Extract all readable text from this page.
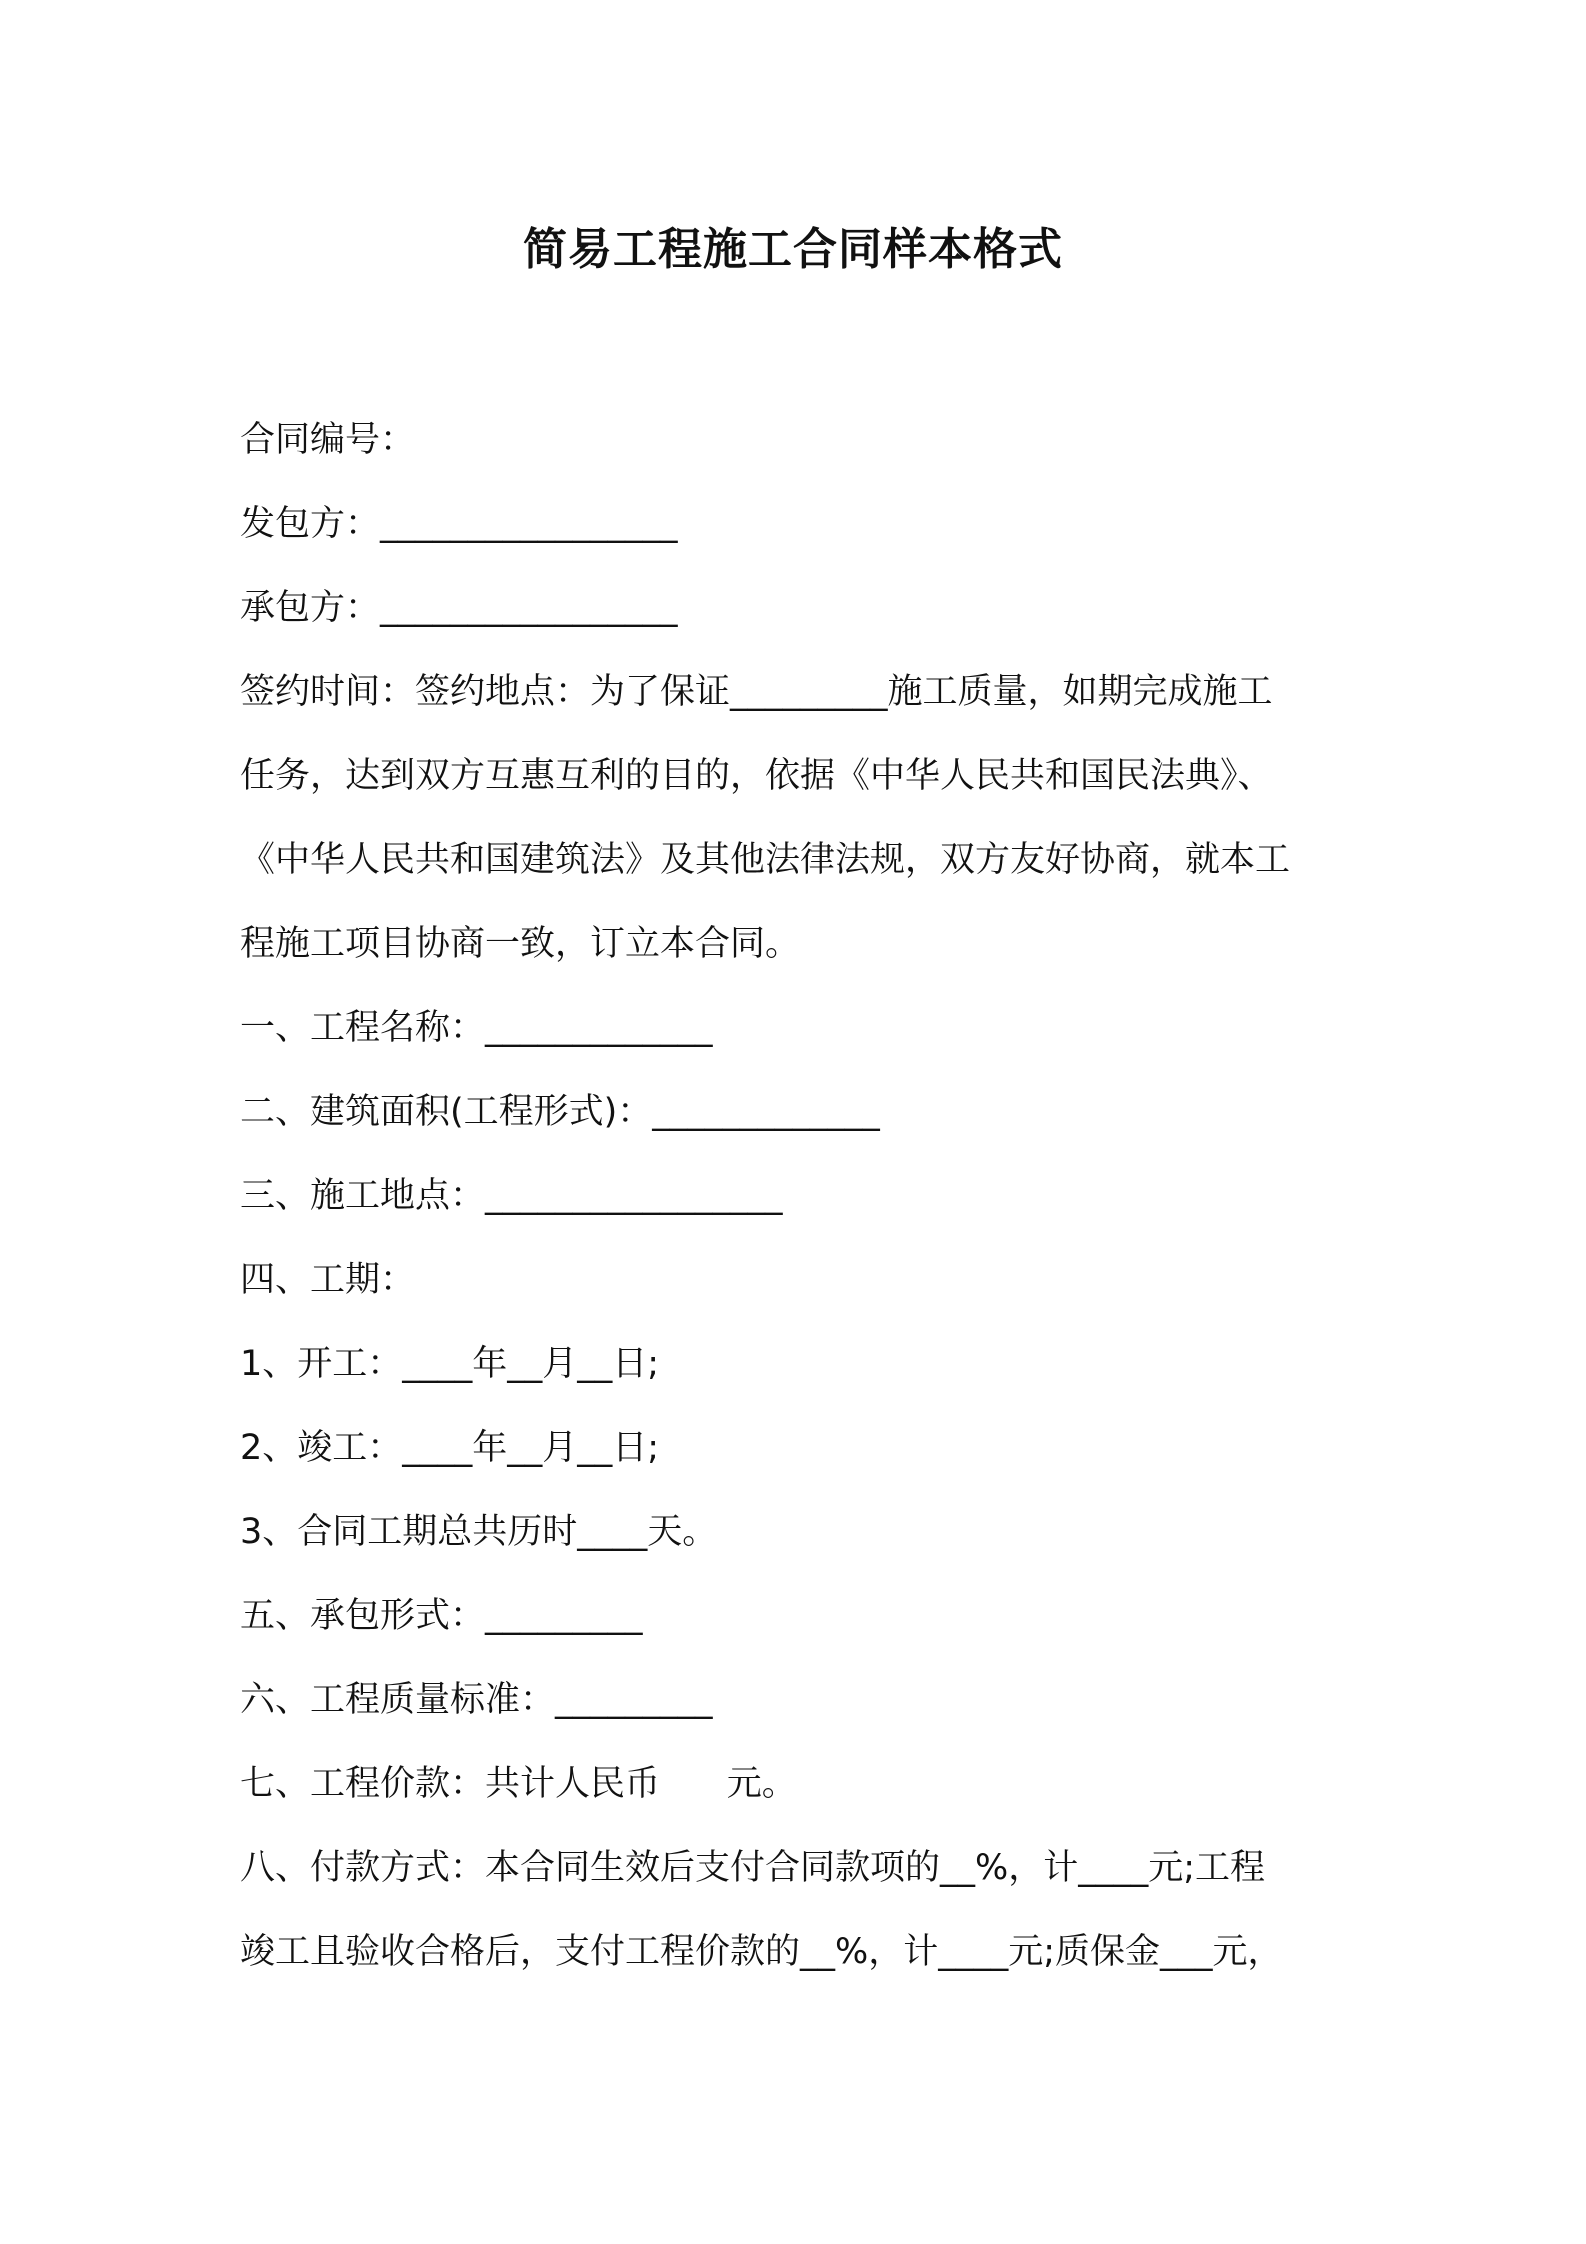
简易工程施工合同样本格式
合同编号：
发包方：_________________
承包方：_________________
签约时间：签约地点：为了保证_________施工质量，如期完成施工
任务，达到双方互惠互利的目的，依据《中华人民共和国民法典》、
《中华人民共和国建筑法》及其他法律法规，双方友好协商，就本工
程施工项目协商一致，订立本合同。
一、工程名称：_____________
二、建筑面积(工程形式)：_____________
三、施工地点：_________________
四、工期：
1、开工：____年__月__日;
2、竣工：____年__月__日;
3、合同工期总共历时____天。
五、承包形式：_________
六、工程质量标准：_________
七、工程价款：共计人民币      元。
八、付款方式：本合同生效后支付合同款项的__%，计____元;工程
竣工且验收合格后，支付工程价款的__%，计____元;质保金___元，
